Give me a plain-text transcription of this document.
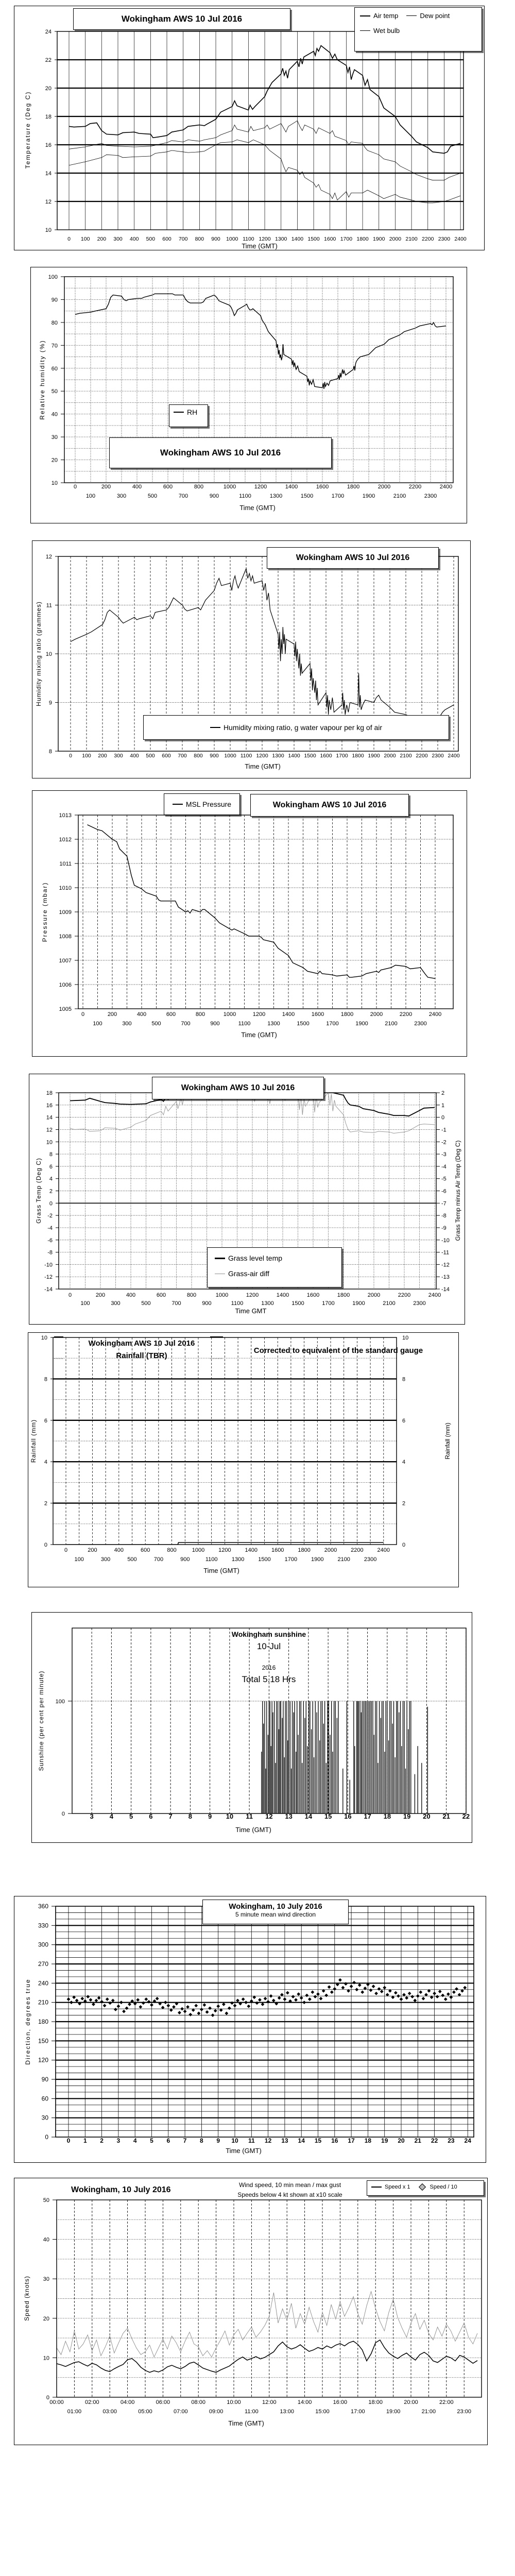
0 100 200 300 400 500 600 700 800 900 1000 1100 1200 1300 1400 1500 1600 1700 1800 1900 2000 2100 2200 2300 2400
10
12
14
16
18
20
22
24
Temperature (Deg C)
Time (GMT)
Wokingham AWS 10 Jul 2016	Air temp	Dew point
Wet bulb
0
100
200
300
400
500
600
700
800
900
1000
1100
1200
1300
1400
1500
1600
1700
1800
1900
2000
2100
2200
2300
2400
10
20
30
40
50
60
70
80
90
100
Relative humidity (%)
Time (GMT)
RH
Wokingham AWS 10 Jul 2016
0 100 200 300 400 500 600 700 800 900 1000 1100 1200 1300 1400 1500 1600 1700 1800 1900 2000 2100 2200 2300 2400
8
9
10
11
12
Humidity mixing ratio (grammes)
Time (GMT)
Wokingham AWS 10 Jul 2016
Humidity mixing ratio, g water vapour per kg of air
0
100
200
300
400
500
600
700
800
900
1000
1100
1200
1300
1400
1500
1600
1700
1800
1900
2000
2100
2200
2300
2400
1005
1006
1007
1008
1009
1010
1011
1012
1013
Pressure (mbar)
Time (GMT)
MSL Pressure	Wokingham AWS 10 Jul 2016
0
100
200
300
400
500
600
700
800
900
1000
1100
1200
1300
1400
1500
1600
1700
1800
1900
2000
2100
2200
2300
2400
-14
-12
-10
-8
-6
-4
-2
0
2
4
6
8
10
12
14
16
18
-14
-13
-12
-11
-10
-9
-8
-7
-6
-5
-4
-3
-2
-1
0
1
2
Grass Temp (Deg C)	Grass Temp minus Air Temp (Deg C)
Time GMT
Wokingham AWS 10 Jul 2016
Grass level temp
Grass-air diff
0
100
200
300
400
500
600
700
800
900
1000
1100
1200
1300
1400
1500
1600
1700
1800
1900
2000
2100
2200
2300
2400
0
2
4
6
8
10
0
2
4
6
8
10
Rainfall (mm)	Rainfall (mm)
Time (GMT)
Wokingham AWS 10 Jul 2016
Rainfall (TBR)
Corrected to equivalent of the standard gauge
3 4 5 6 7 8 9 10 11 12 13 14 15 16 17 18 19 20 21 22
0
100
Sunshine (per cent per minute)
Time (GMT)
Wokingham sunshine
10-Jul
2016
Total 5.18 Hrs
0 1 2 3 4 5 6 7 8 9 10 11 12 13 14 15 16 17 18 19 20 21 22 23 24
0
30
60
90
120
150
180
210
240
270
300
330
360
Direction, degrees true
Time (GMT)
Wokingham, 10 July 2016
5 minute mean wind direction
00:00
01:00
02:00
03:00
04:00
05:00
06:00
07:00
08:00
09:00
10:00
11:00
12:00
13:00
14:00
15:00
16:00
17:00
18:00
19:00
20:00
21:00
22:00
23:00
0
10
20
30
40
50
Speed (knots)
Time (GMT)
Wokingham, 10 July 2016
Wind speed, 10 min mean / max gust
Speeds below 4 kt shown at x10 scale
Speed x 1	Speed / 10
